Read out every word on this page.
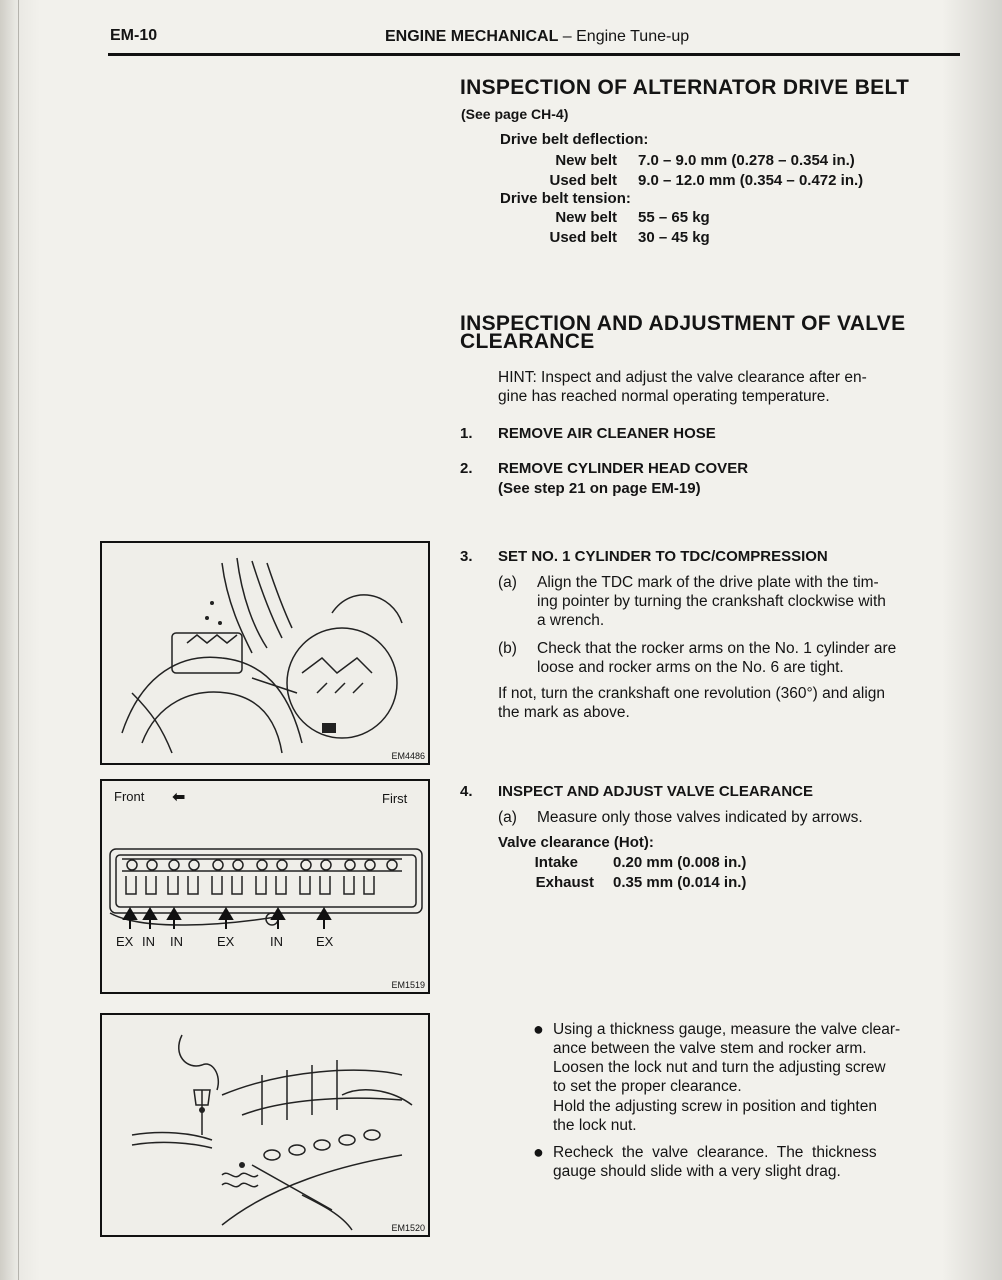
EM-10	ENGINE MECHANICAL – Engine Tune-up
INSPECTION OF ALTERNATOR DRIVE BELT
(See page CH-4)
Drive belt deflection:
New belt 7.0 – 9.0 mm (0.278 – 0.354 in.)
Used belt 9.0 – 12.0 mm (0.354 – 0.472 in.)
Drive belt tension:
New belt 55 – 65 kg
Used belt 30 – 45 kg
INSPECTION AND ADJUSTMENT OF VALVE
CLEARANCE
HINT: Inspect and adjust the valve clearance after en-
gine has reached normal operating temperature.
1. REMOVE AIR CLEANER HOSE
2. REMOVE CYLINDER HEAD COVER
(See step 21 on page EM-19)
3. SET NO. 1 CYLINDER TO TDC/COMPRESSION
(a) Align the TDC mark of the drive plate with the tim-
ing pointer by turning the crankshaft clockwise with
a wrench.
(b) Check that the rocker arms on the No. 1 cylinder are
loose and rocker arms on the No. 6 are tight.
If not, turn the crankshaft one revolution (360°) and align
the mark as above.
4. INSPECT AND ADJUST VALVE CLEARANCE
(a) Measure only those valves indicated by arrows.
Valve clearance (Hot):
Intake 0.20 mm (0.008 in.)
Exhaust 0.35 mm (0.014 in.)
● Using a thickness gauge, measure the valve clear-
ance between the valve stem and rocker arm.
Loosen the lock nut and turn the adjusting screw
to set the proper clearance.
Hold the adjusting screw in position and tighten
the lock nut.
● Recheck  the  valve  clearance.  The  thickness
gauge should slide with a very slight drag.
EM4486
Front ⬅	First
EX IN IN	EX	IN	EX
EM1519
EM1520
